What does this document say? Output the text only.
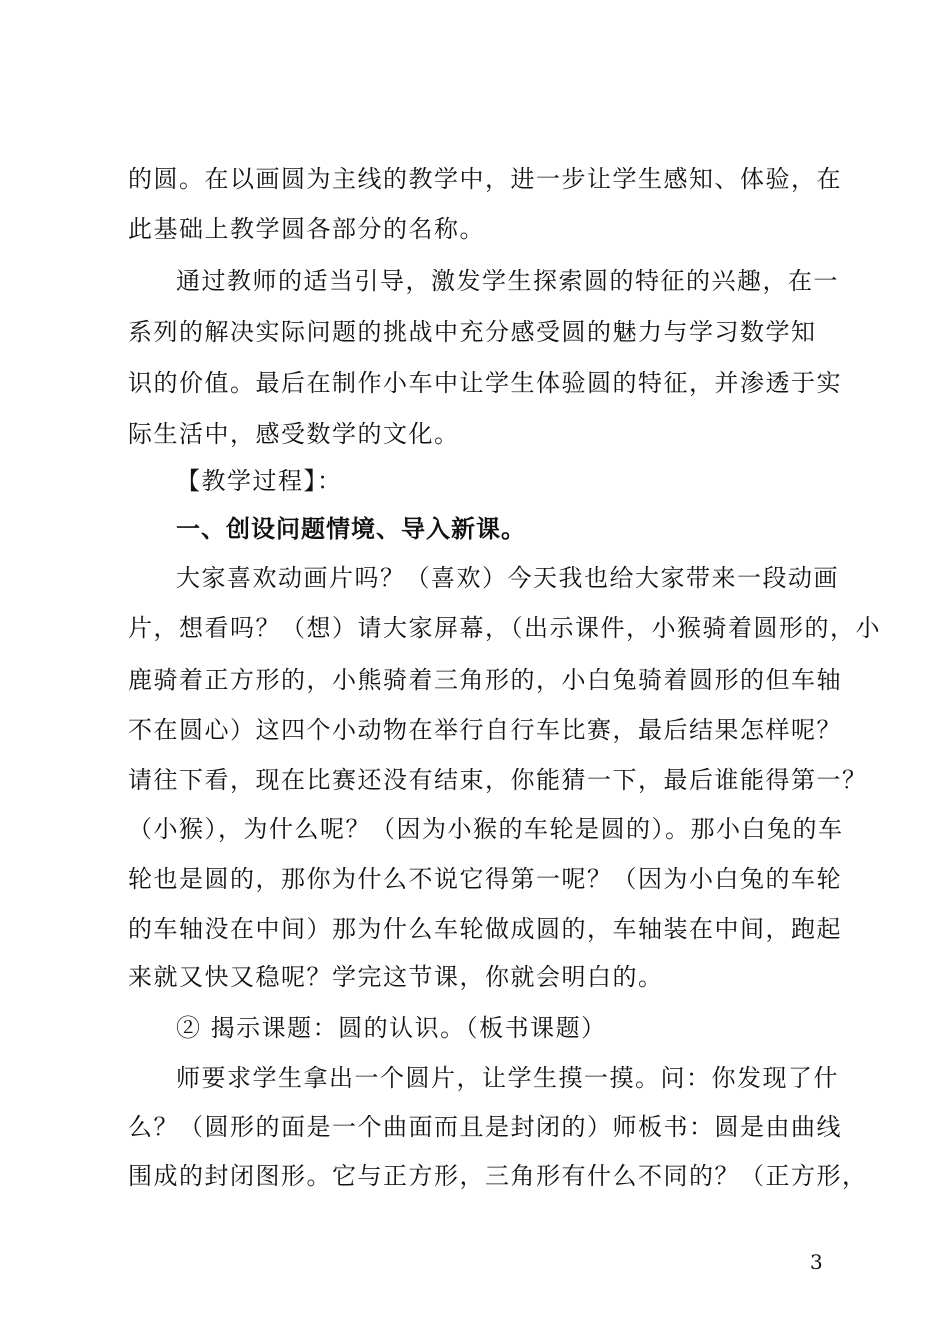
的圆。在以画圆为主线的教学中，进一步让学生感知、体验，在
此基础上教学圆各部分的名称。
通过教师的适当引导，激发学生探索圆的特征的兴趣，在一
系列的解决实际问题的挑战中充分感受圆的魅力与学习数学知
识的价值。最后在制作小车中让学生体验圆的特征，并渗透于实
际生活中，感受数学的文化。
【教学过程】：
一、创设问题情境、导入新课。
大家喜欢动画片吗？（喜欢）今天我也给大家带来一段动画
片，想看吗？（想）请大家屏幕，（出示课件，小猴骑着圆形的，小
鹿骑着正方形的，小熊骑着三角形的，小白兔骑着圆形的但车轴
不在圆心）这四个小动物在举行自行车比赛，最后结果怎样呢？
请往下看，现在比赛还没有结束，你能猜一下，最后谁能得第一？
（小猴），为什么呢？（因为小猴的车轮是圆的）。那小白兔的车
轮也是圆的，那你为什么不说它得第一呢？（因为小白兔的车轮
的车轴没在中间）那为什么车轮做成圆的，车轴装在中间，跑起
来就又快又稳呢？学完这节课，你就会明白的。
② 揭示课题：圆的认识。（板书课题）
师要求学生拿出一个圆片，让学生摸一摸。问：你发现了什
么？（圆形的面是一个曲面而且是封闭的）师板书：圆是由曲线
围成的封闭图形。它与正方形，三角形有什么不同的？（正方形，
3
